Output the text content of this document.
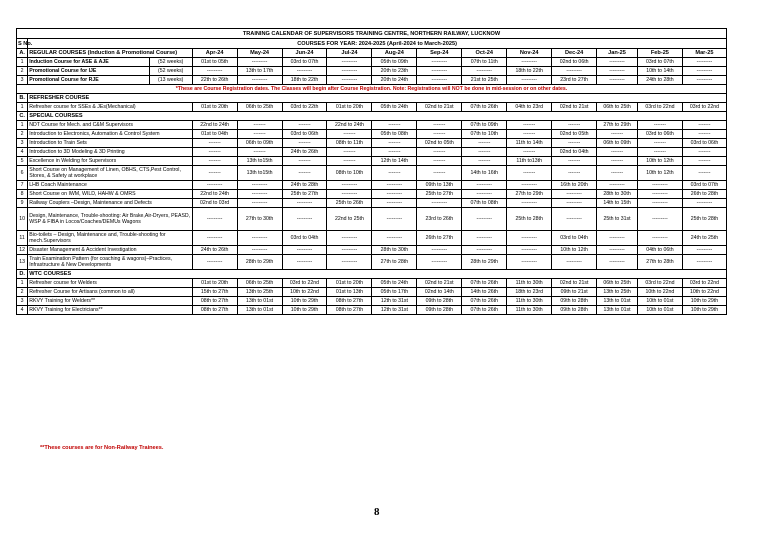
TRAINING CALENDAR OF SUPERVISORS TRAINING CENTRE, NORTHERN RAILWAY, LUCKNOW														
S No.	COURSES FOR YEAR: 2024-2025 (April-2024 to March-2025)													
A.	REGULAR COURSES (Induction & Promotional Course)		Apr-24	May-24	Jun-24	Jul-24	Aug-24	Sep-24	Oct-24	Nov-24	Dec-24	Jan-25	Feb-25	Mar-25
1	Induction Course for ASE & AJE	(52 weeks)	01st to 05th	---------	03rd to 07th	---------	05th to 09th	---------	07th to 11th	---------	02nd to 06th	---------	03rd to 07th	---------
2	Promotional Course for IJE	(52 weeks)	---------	13th to 17th	---------	---------	20th to 23th	---------	---------	18th to 22th	---------	---------	10th to 14th	---------
3	Promotional Course for RJE	(13 weeks)	22th to 26th	---------	18th to 22th	---------	20th to 24th	---------	21st to 25th	---------	23rd to 27th	---------	24th to 28th	---------
*These are Course Registration dates. The Classes will begin after Course Registration. Note: Registrations will NOT be done in mid-session or on other dates.														
B.	REFRESHER COURSE													
1	Refresher course for SSEs & JEs(Mechanical)		01st to 20th	06th to 25th	03rd to 22th	01st to 20th	05th to 24th	02nd to 21st	07th to 26th	04th to 23rd	02nd to 21st	06th to 25th	03rd to 22nd	03rd to 22nd
C.	SPECIAL COURSES													
1	NDT Course for Mech. and C&M Supervisors		22nd to 24th	-------	-------	22nd to 24th	-------	-------	07th to 09th	-------	-------	27th to 29th	-------	-------
2	Introduction to Electronics, Automation & Control System		01st to 04th	-------	03rd to 06th	-------	05th to 08th	-------	07th to 10th	-------	02nd to 05th	-------	03rd to 06th	-------
3	Introduction to Train Sets		-------	06th to 09th	-------	08th to 11th	-------	02nd to 05th	-------	11th to 14th	-------	06th to 09th	-------	03rd to 06th
4	Introduction to 3D Modeling & 3D Printing		-------	-------	24th to 26th	-------	-------	-------	-------	-------	02nd to 04th	-------	-------	-------
5	Excellence in Welding for Supervisors		-------	13th to15th	-------	-------	12th to 14th	-------	-------	11th to13th	-------	-------	10th to 12th	-------
6	Short Course on Management of Linen, OBHS, CTS,Pest Control, Stores, & Safety at workplace		-------	13th to15th	-------	08th to 10th	-------	-------	14th to 16th	-------	-------	-------	10th to 12th	-------
7	LHB Coach Maintenance		---------	---------	24th to 28th	---------	---------	09th to 13th	---------	---------	16th to 20th	---------	---------	03rd to 07th
8	Short Course on IWM, WILD, HAHW & OMRS		22nd to 24th	---------	25th to 27th	---------	---------	25th to 27th	---------	27th to 29th	---------	28th to 30th	---------	26th to 28th
9	Railway Couplers –Design, Maintenance and Defects		02nd to 03rd	---------	---------	25th to 26th	---------	---------	07th to 08th	---------	---------	14th to 15th	---------	---------
10	Design, Maintenance, Trouble-shooting: Air Brake,Air-Dryers, PEASD, WSP & FIBA in Locos/Coaches/DEMUs Wagons		---------	27th to 30th	---------	22nd to 25th	---------	23rd to 26th	---------	25th to 28th	---------	25th to 31st	---------	25th to 28th
11	Bio-toilets – Design, Maintenance and, Trouble-shooting for mech.Supervisors		---------	---------	03rd to 04th	---------	---------	26th to 27th	---------	---------	03rd to 04th	---------	---------	24th to 25th
12	Disaster Management & Accident Investigation		24th to 26th	---------	---------	---------	28th to 30th	---------	---------	---------	10th to 12th	---------	04th to 06th	---------
13	Train Examination Pattern (for coaching & wagons)–Practices, Infrastructure & New Developments		---------	28th to 29th	---------	---------	27th to 28th	---------	28th to 29th	---------	---------	---------	27th to 28th	---------
D.	WTC COURSES													
1	Refresher course for Welders		01st to 20th	06th to 25th	03rd to 22nd	01st to 20th	05th to 24th	02nd to 21st	07th to 26th	11th to 30th	02nd to 21st	06th to 25th	03rd to 22nd	03rd to 22nd
2	Refresher Course for Artisans (common to all)		15th to 27th	13th to 25th	10th to 22nd	01st to 13th	05th to 17th	02nd to 14th	14th to 26th	18th to 23rd	09th to 21st	13th to 25th	10th to 22nd	10th to 22nd
3	RKVY Training for Welders**		08th to 27th	13th to 01st	10th to 29th	08th to 27th	12th to 31st	09th to 28th	07th to 26th	11th to 30th	09th to 28th	13th to 01st	10th to 01st	10th to 29th
4	RKVY Training for Electricians**		08th to 27th	13th to 01st	10th to 29th	08th to 27th	12th to 31st	09th to 28th	07th to 26th	11th to 30th	09th to 28th	13th to 01st	10th to 01st	10th to 29th
**These courses are for Non-Railway Trainees.
8
